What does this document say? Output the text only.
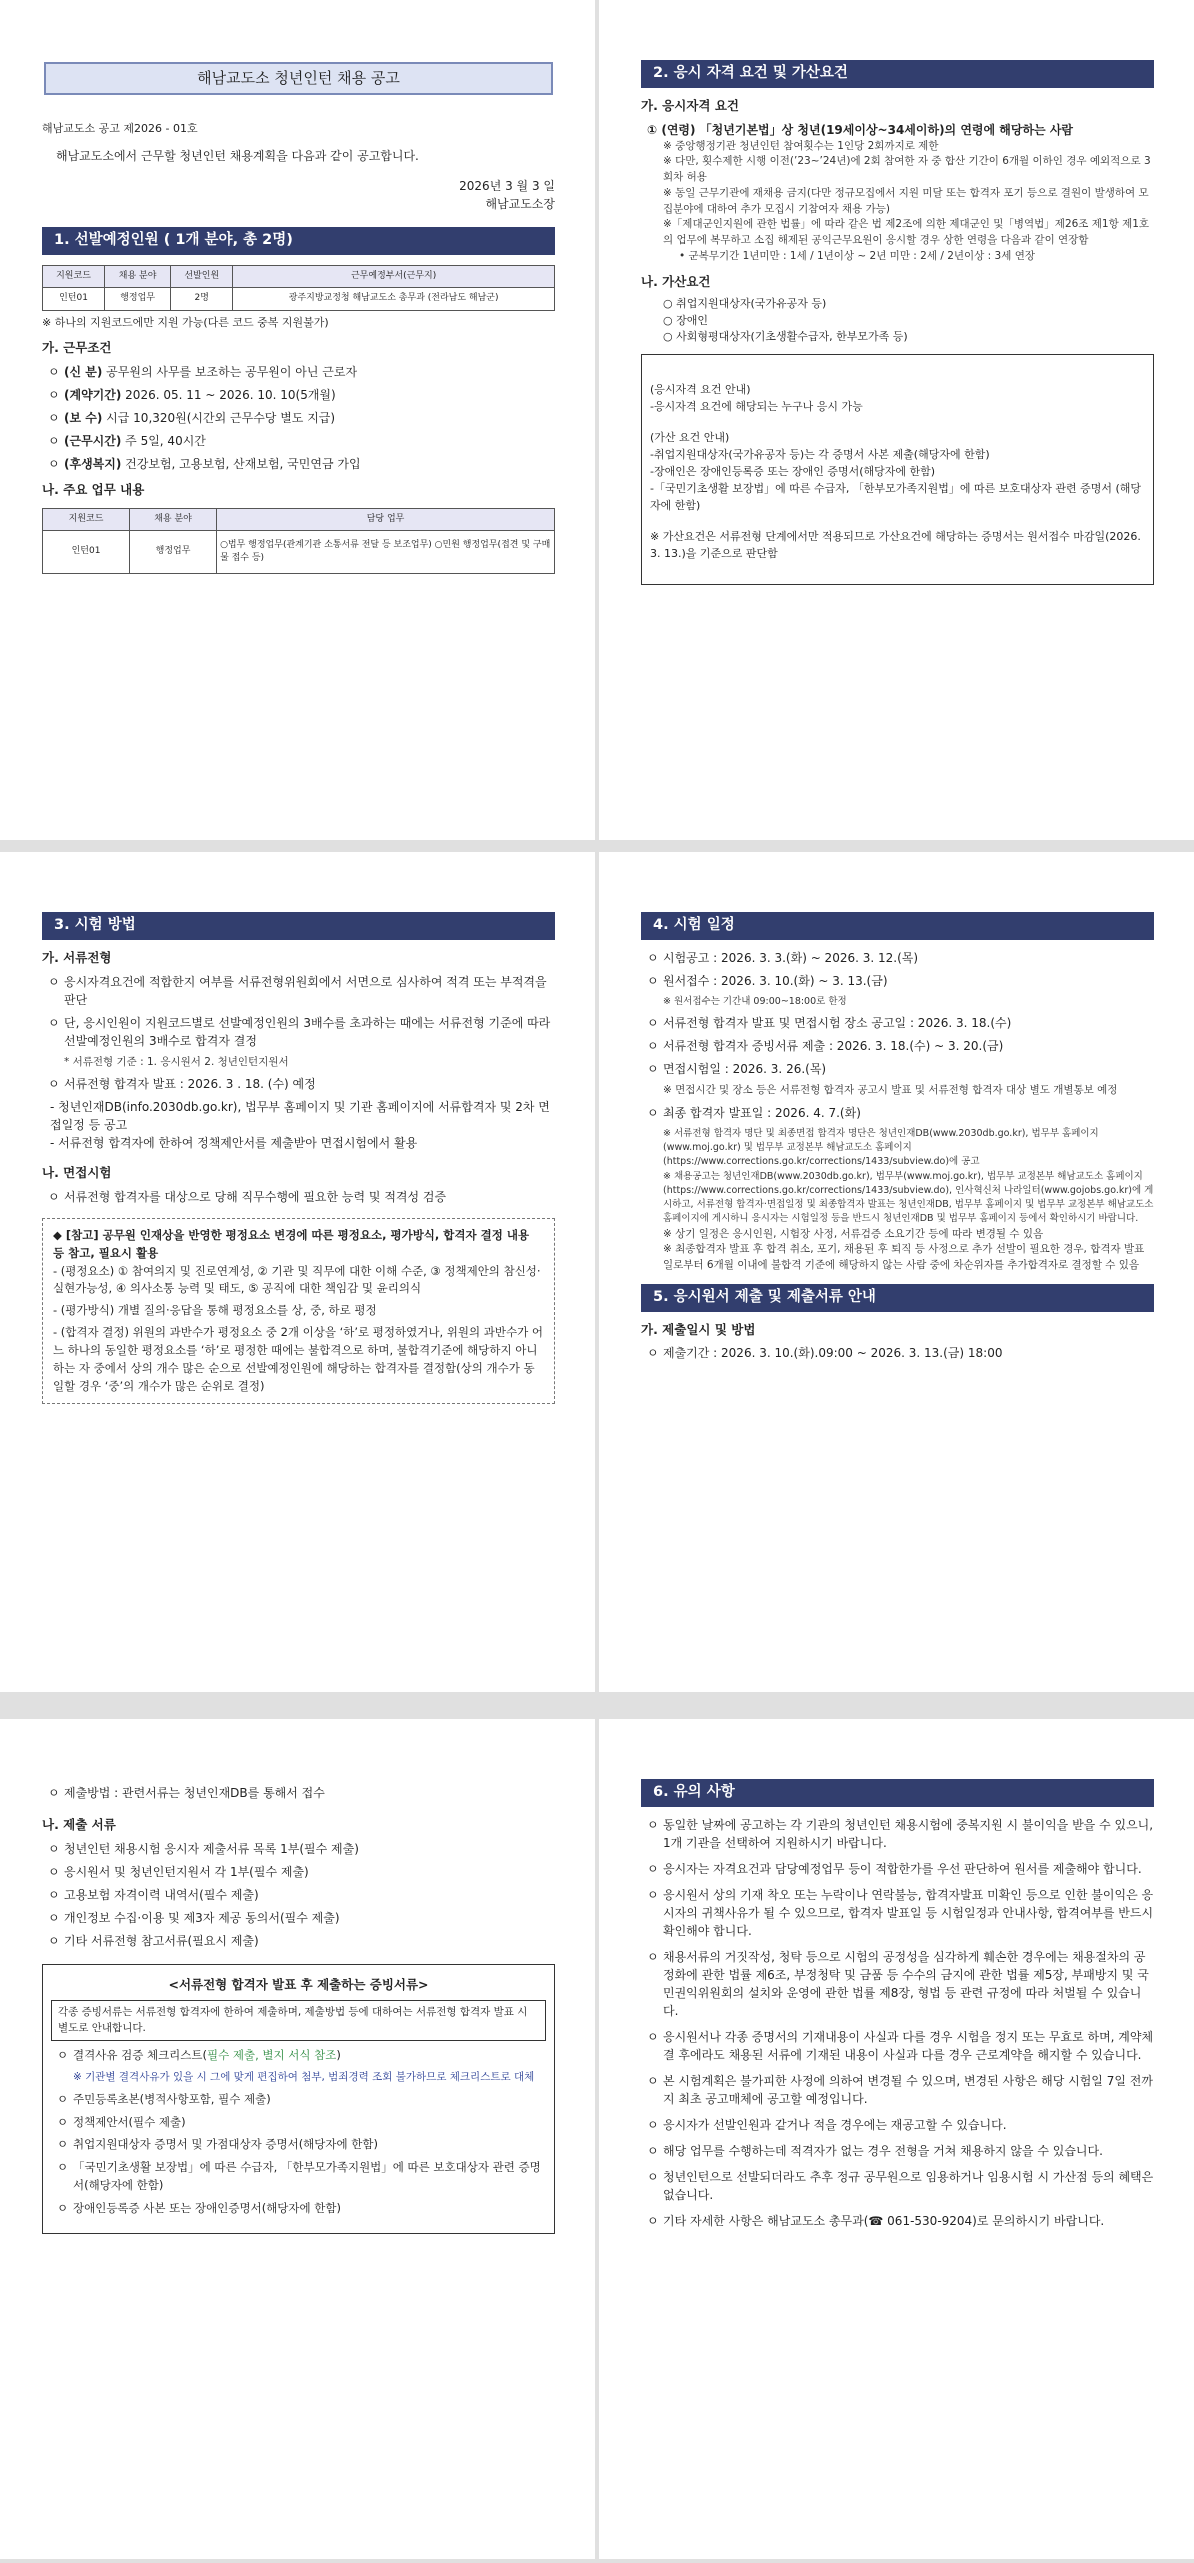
해남교도소 청년인턴 채용 공고
해남교도소 공고 제2026 - 01호
해남교도소에서 근무할 청년인턴 채용계획을 다음과 같이 공고합니다.
2026년 3 월 3 일
해남교도소장
1. 선발예정인원 ( 1개 분야, 총 2명)
지원코드	채용 분야	선발인원	근무예정부서(근무지)
인턴01	행정업무	2명	광주지방교정청 해남교도소 총무과 (전라남도 해남군)
※ 하나의 지원코드에만 지원 가능(다른 코드 중복 지원불가)
가. 근무조건
ㅇ (신 분) 공무원의 사무를 보조하는 공무원이 아닌 근로자
ㅇ (계약기간) 2026. 05. 11 ~ 2026. 10. 10(5개월)
ㅇ (보 수) 시급 10,320원(시간외 근무수당 별도 지급)
ㅇ (근무시간) 주 5일, 40시간
ㅇ (후생복지) 건강보험, 고용보험, 산재보험, 국민연금 가입
나. 주요 업무 내용
지원코드	채용 분야	담당 업무
인턴01	행정업무	○법무 행정업무(관계기관 소통서류 전달 등 보조업무) ○민원 행정업무(접견 및 구매물 접수 등)
2. 응시 자격 요건 및 가산요건
가. 응시자격 요건
① (연령) 「청년기본법」상 청년(19세이상~34세이하)의 연령에 해당하는 사람
※ 중앙행정기관 청년인턴 참여횟수는 1인당 2회까지로 제한
※ 다만, 횟수제한 시행 이전(’23~’24년)에 2회 참여한 자 중 합산 기간이 6개월 이하인 경우 예외적으로 3회차 허용
※ 동일 근무기관에 재채용 금지(다만 정규모집에서 지원 미달 또는 합격자 포기 등으로 결원이 발생하여 모집분야에 대하여 추가 모집시 기참여자 채용 가능)
※「제대군인지원에 관한 법률」에 따라 같은 법 제2조에 의한 제대군인 및「병역법」제26조 제1항 제1호의 업무에 복무하고 소집 해제된 공익근무요원이 응시할 경우 상한 연령을 다음과 같이 연장함
• 군복무기간 1년미만 : 1세 / 1년이상 ~ 2년 미만 : 2세 / 2년이상 : 3세 연장
나. 가산요건
○ 취업지원대상자(국가유공자 등)
○ 장애인
○ 사회형평대상자(기초생활수급자, 한부모가족 등)
(응시자격 요건 안내)
-응시자격 요건에 해당되는 누구나 응시 가능
(가산 요건 안내)
-취업지원대상자(국가유공자 등)는 각 증명서 사본 제출(해당자에 한함)
-장애인은 장애인등록증 또는 장애인 증명서(해당자에 한함)
-「국민기초생활 보장법」에 따른 수급자, 「한부모가족지원법」에 따른 보호대상자 관련 증명서 (해당자에 한함)
※ 가산요건은 서류전형 단계에서만 적용되므로 가산요건에 해당하는 증명서는 원서접수 마감일(2026. 3. 13.)을 기준으로 판단함
3. 시험 방법
가. 서류전형
ㅇ 응시자격요건에 적합한지 여부를 서류전형위원회에서 서면으로 심사하여 적격 또는 부적격을 판단
ㅇ 단, 응시인원이 지원코드별로 선발예정인원의 3배수를 초과하는 때에는 서류전형 기준에 따라 선발예정인원의 3배수로 합격자 결정
* 서류전형 기준 : 1. 응시원서 2. 청년인턴지원서
ㅇ 서류전형 합격자 발표 : 2026. 3 . 18. (수) 예정
- 청년인재DB(info.2030db.go.kr), 법무부 홈페이지 및 기관 홈페이지에 서류합격자 및 2차 면접일정 등 공고
- 서류전형 합격자에 한하여 정책제안서를 제출받아 면접시험에서 활용
나. 면접시험
ㅇ 서류전형 합격자를 대상으로 당해 직무수행에 필요한 능력 및 적격성 검증
◆ [참고] 공무원 인재상을 반영한 평정요소 변경에 따른 평정요소, 평가방식, 합격자 결정 내용 등 참고, 필요시 활용
- (평정요소) ① 참여의지 및 진로연계성, ② 기관 및 직무에 대한 이해 수준, ③ 정책제안의 참신성·실현가능성, ④ 의사소통 능력 및 태도, ⑤ 공직에 대한 책임감 및 윤리의식
- (평가방식) 개별 질의·응답을 통해 평정요소를 상, 중, 하로 평정
- (합격자 결정) 위원의 과반수가 평정요소 중 2개 이상을 ‘하’로 평정하였거나, 위원의 과반수가 어느 하나의 동일한 평정요소를 ‘하’로 평정한 때에는 불합격으로 하며, 불합격기준에 해당하지 아니하는 자 중에서 상의 개수 많은 순으로 선발예정인원에 해당하는 합격자를 결정함(상의 개수가 동일할 경우 ‘중’의 개수가 많은 순위로 결정)
4. 시험 일정
ㅇ 시험공고 : 2026. 3. 3.(화) ~ 2026. 3. 12.(목)
ㅇ 원서접수 : 2026. 3. 10.(화) ~ 3. 13.(금)
※ 원서접수는 기간내 09:00~18:00로 한정
ㅇ 서류전형 합격자 발표 및 면접시험 장소 공고일 : 2026. 3. 18.(수)
ㅇ 서류전형 합격자 증빙서류 제출 : 2026. 3. 18.(수) ~ 3. 20.(금)
ㅇ 면접시험일 : 2026. 3. 26.(목)
※ 면접시간 및 장소 등은 서류전형 합격자 공고시 발표 및 서류전형 합격자 대상 별도 개별통보 예정
ㅇ 최종 합격자 발표일 : 2026. 4. 7.(화)
※ 서류전형 합격자 명단 및 최종면접 합격자 명단은 청년인재DB(www.2030db.go.kr), 법무부 홈페이지(www.moj.go.kr) 및 법무부 교정본부 해남교도소 홈페이지 (https://www.corrections.go.kr/corrections/1433/subview.do)에 공고
※ 채용공고는 청년인재DB(www.2030db.go.kr), 법무부(www.moj.go.kr), 법무부 교정본부 해남교도소 홈페이지(https://www.corrections.go.kr/corrections/1433/subview.do), 인사혁신처 나라일터(www.gojobs.go.kr)에 게시하고, 서류전형 합격자·면접일정 및 최종합격자 발표는 청년인재DB, 법무부 홈페이지 및 법무부 교정본부 해남교도소 홈페이지에 게시하니 응시자는 시험일정 등을 반드시 청년인재DB 및 법무부 홈페이지 등에서 확인하시기 바랍니다.
※ 상기 일정은 응시인원, 시험장 사정, 서류검증 소요기간 등에 따라 변경될 수 있음
※ 최종합격자 발표 후 합격 취소, 포기, 채용된 후 퇴직 등 사정으로 추가 선발이 필요한 경우, 합격자 발표일로부터 6개월 이내에 불합격 기준에 해당하지 않는 사람 중에 차순위자를 추가합격자로 결정할 수 있음
5. 응시원서 제출 및 제출서류 안내
가. 제출일시 및 방법
ㅇ 제출기간 : 2026. 3. 10.(화).09:00 ~ 2026. 3. 13.(금) 18:00
ㅇ 제출방법 : 관련서류는 청년인재DB를 통해서 접수
나. 제출 서류
ㅇ 청년인턴 채용시험 응시자 제출서류 목록 1부(필수 제출)
ㅇ 응시원서 및 청년인턴지원서 각 1부(필수 제출)
ㅇ 고용보험 자격이력 내역서(필수 제출)
ㅇ 개인정보 수집·이용 및 제3자 제공 동의서(필수 제출)
ㅇ 기타 서류전형 참고서류(필요시 제출)
<서류전형 합격자 발표 후 제출하는 증빙서류>
각종 증빙서류는 서류전형 합격자에 한하여 제출하며, 제출방법 등에 대하여는 서류전형 합격자 발표 시 별도로 안내합니다.
ㅇ 결격사유 검증 체크리스트(필수 제출, 별지 서식 참조)
※ 기관별 결격사유가 있을 시 그에 맞게 편집하여 첨부, 범죄경력 조회 불가하므로 체크리스트로 대체
ㅇ 주민등록초본(병적사항포함, 필수 제출)
ㅇ 정책제안서(필수 제출)
ㅇ 취업지원대상자 증명서 및 가점대상자 증명서(해당자에 한함)
ㅇ 「국민기초생활 보장법」에 따른 수급자, 「한부모가족지원법」에 따른 보호대상자 관련 증명서(해당자에 한함)
ㅇ 장애인등록증 사본 또는 장애인증명서(해당자에 한함)
6. 유의 사항
ㅇ 동일한 날짜에 공고하는 각 기관의 청년인턴 채용시험에 중복지원 시 불이익을 받을 수 있으니, 1개 기관을 선택하여 지원하시기 바랍니다.
ㅇ 응시자는 자격요건과 담당예정업무 등이 적합한가를 우선 판단하여 원서를 제출해야 합니다.
ㅇ 응시원서 상의 기재 착오 또는 누락이나 연락불능, 합격자발표 미확인 등으로 인한 불이익은 응시자의 귀책사유가 될 수 있으므로, 합격자 발표일 등 시험일정과 안내사항, 합격여부를 반드시 확인해야 합니다.
ㅇ 채용서류의 거짓작성, 청탁 등으로 시험의 공정성을 심각하게 훼손한 경우에는 채용절차의 공정화에 관한 법률 제6조, 부정청탁 및 금품 등 수수의 금지에 관한 법률 제5장, 부패방지 및 국민권익위원회의 설치와 운영에 관한 법률 제8장, 형법 등 관련 규정에 따라 처벌될 수 있습니다.
ㅇ 응시원서나 각종 증명서의 기재내용이 사실과 다를 경우 시험을 정지 또는 무효로 하며, 계약체결 후에라도 채용된 서류에 기재된 내용이 사실과 다를 경우 근로계약을 해지할 수 있습니다.
ㅇ 본 시험계획은 불가피한 사정에 의하여 변경될 수 있으며, 변경된 사항은 해당 시험일 7일 전까지 최초 공고매체에 공고할 예정입니다.
ㅇ 응시자가 선발인원과 같거나 적을 경우에는 재공고할 수 있습니다.
ㅇ 해당 업무를 수행하는데 적격자가 없는 경우 전형을 거쳐 채용하지 않을 수 있습니다.
ㅇ 청년인턴으로 선발되더라도 추후 정규 공무원으로 임용하거나 임용시험 시 가산점 등의 혜택은 없습니다.
ㅇ 기타 자세한 사항은 해남교도소 총무과(☎ 061-530-9204)로 문의하시기 바랍니다.
